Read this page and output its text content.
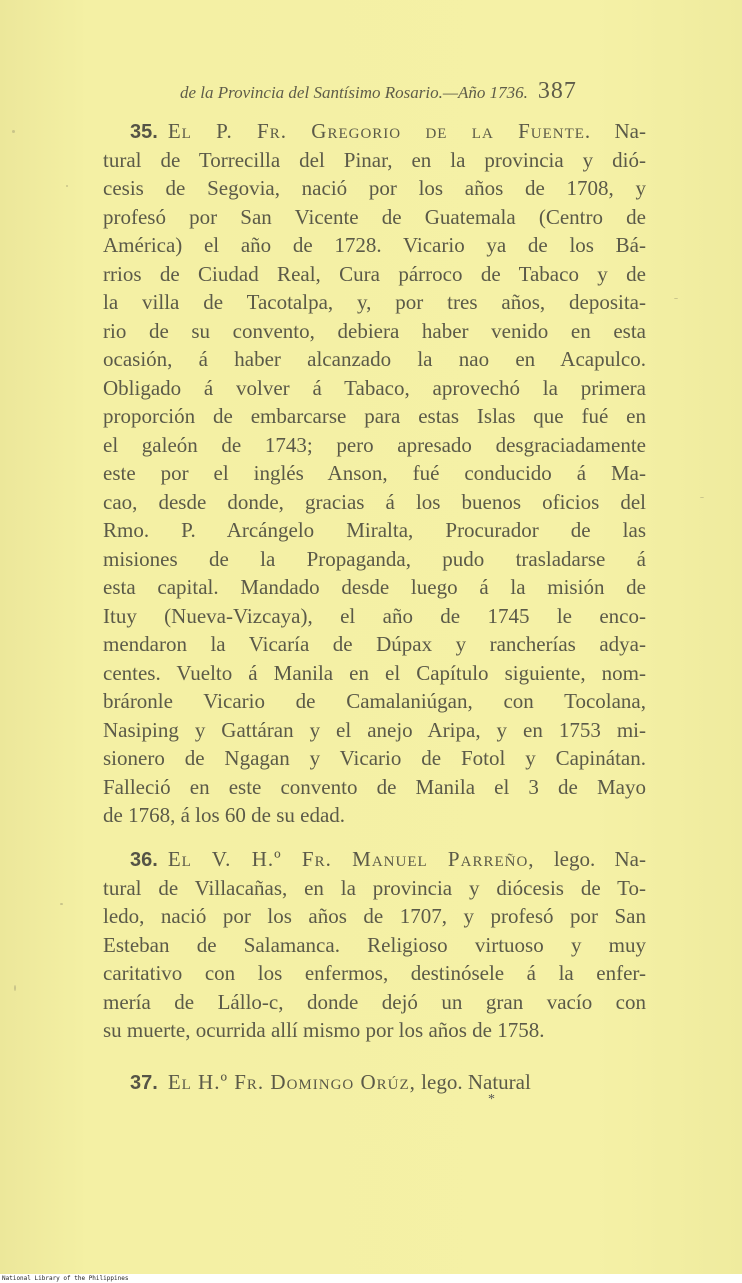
de la Provincia del Santísimo Rosario.—Año 1736. 387
35. El P. Fr. Gregorio de la Fuente. Na-
tural de Torrecilla del Pinar, en la provincia y dió-
cesis de Segovia, nació por los años de 1708, y
profesó por San Vicente de Guatemala (Centro de
América) el año de 1728. Vicario ya de los Bá-
rrios de Ciudad Real, Cura párroco de Tabaco y de
la villa de Tacotalpa, y, por tres años, deposita-
rio de su convento, debiera haber venido en esta
ocasión, á haber alcanzado la nao en Acapulco.
Obligado á volver á Tabaco, aprovechó la primera
proporción de embarcarse para estas Islas que fué en
el galeón de 1743; pero apresado desgraciadamente
este por el inglés Anson, fué conducido á Ma-
cao, desde donde, gracias á los buenos oficios del
Rmo. P. Arcángelo Miralta, Procurador de las
misiones de la Propaganda, pudo trasladarse á
esta capital. Mandado desde luego á la misión de
Ituy (Nueva-Vizcaya), el año de 1745 le enco-
mendaron la Vicaría de Dúpax y rancherías adya-
centes. Vuelto á Manila en el Capítulo siguiente, nom-
bráronle Vicario de Camalaniúgan, con Tocolana,
Nasiping y Gattáran y el anejo Aripa, y en 1753 mi-
sionero de Ngagan y Vicario de Fotol y Capinátan.
Falleció en este convento de Manila el 3 de Mayo
de 1768, á los 60 de su edad.
36. El V. H.º Fr. Manuel Parreño, lego. Na-
tural de Villacañas, en la provincia y diócesis de To-
ledo, nació por los años de 1707, y profesó por San
Esteban de Salamanca. Religioso virtuoso y muy
caritativo con los enfermos, destinósele á la enfer-
mería de Lállo-c, donde dejó un gran vacío con
su muerte, ocurrida allí mismo por los años de 1758.
37. El H.º Fr. Domingo Orúz, lego. Natural
*
National Library of the Philippines
